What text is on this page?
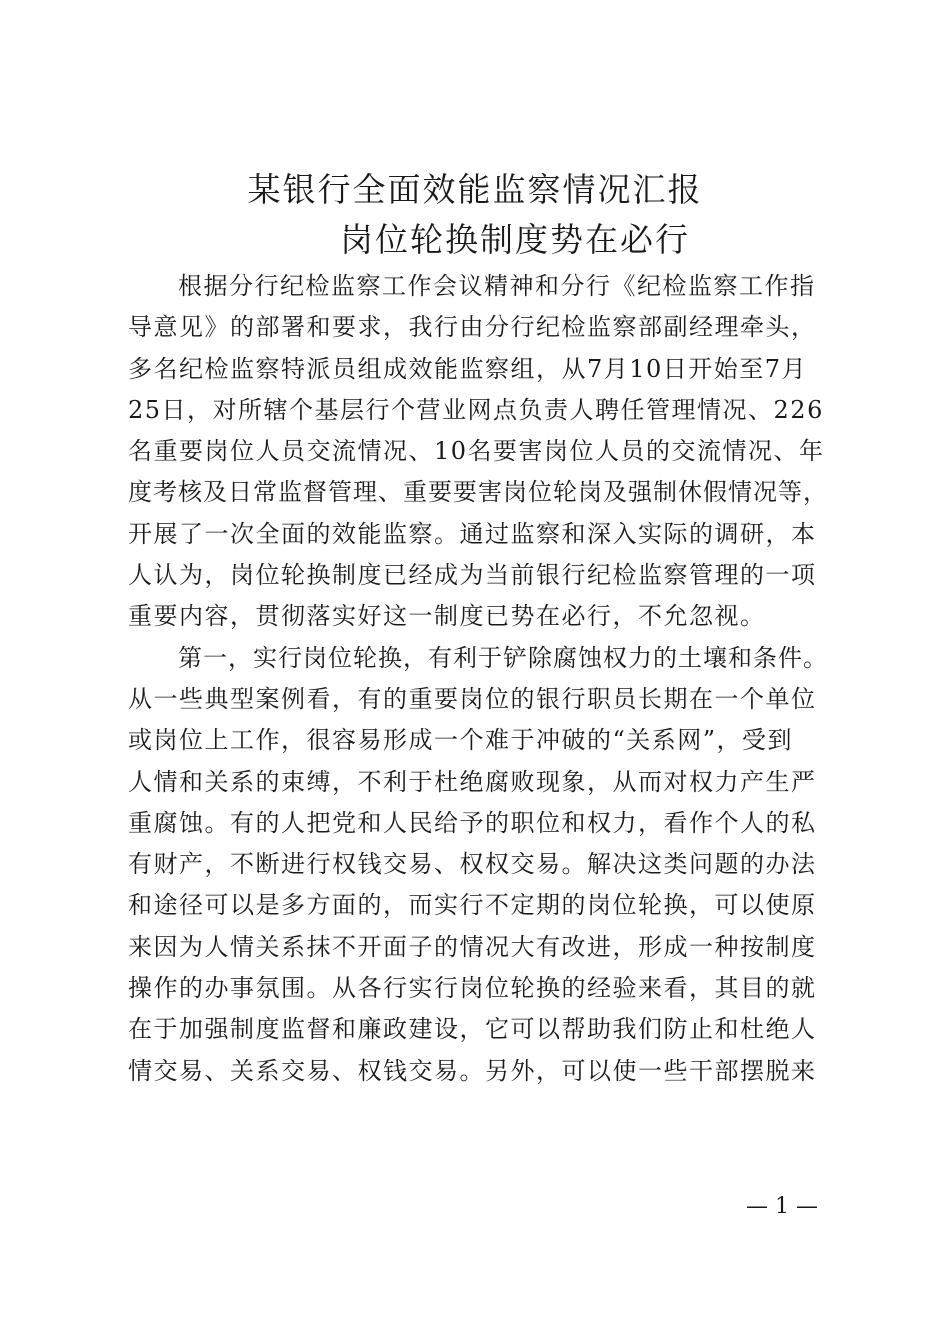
某银行全面效能监察情况汇报
岗位轮换制度势在必行
根据分行纪检监察工作会议精神和分行《纪检监察工作指
导意见》的部署和要求，我行由分行纪检监察部副经理牵头，
多名纪检监察特派员组成效能监察组，从7月10日开始至7月
25日，对所辖个基层行个营业网点负责人聘任管理情况、226
名重要岗位人员交流情况、10名要害岗位人员的交流情况、年
度考核及日常监督管理、重要要害岗位轮岗及强制休假情况等，
开展了一次全面的效能监察。通过监察和深入实际的调研，本
人认为，岗位轮换制度已经成为当前银行纪检监察管理的一项
重要内容，贯彻落实好这一制度已势在必行，不允忽视。
第一，实行岗位轮换，有利于铲除腐蚀权力的土壤和条件。
从一些典型案例看，有的重要岗位的银行职员长期在一个单位
或岗位上工作，很容易形成一个难于冲破的“关系网”，受到
人情和关系的束缚，不利于杜绝腐败现象，从而对权力产生严
重腐蚀。有的人把党和人民给予的职位和权力，看作个人的私
有财产，不断进行权钱交易、权权交易。解决这类问题的办法
和途径可以是多方面的，而实行不定期的岗位轮换，可以使原
来因为人情关系抹不开面子的情况大有改进，形成一种按制度
操作的办事氛围。从各行实行岗位轮换的经验来看，其目的就
在于加强制度监督和廉政建设，它可以帮助我们防止和杜绝人
情交易、关系交易、权钱交易。另外，可以使一些干部摆脱来
— 1 —
